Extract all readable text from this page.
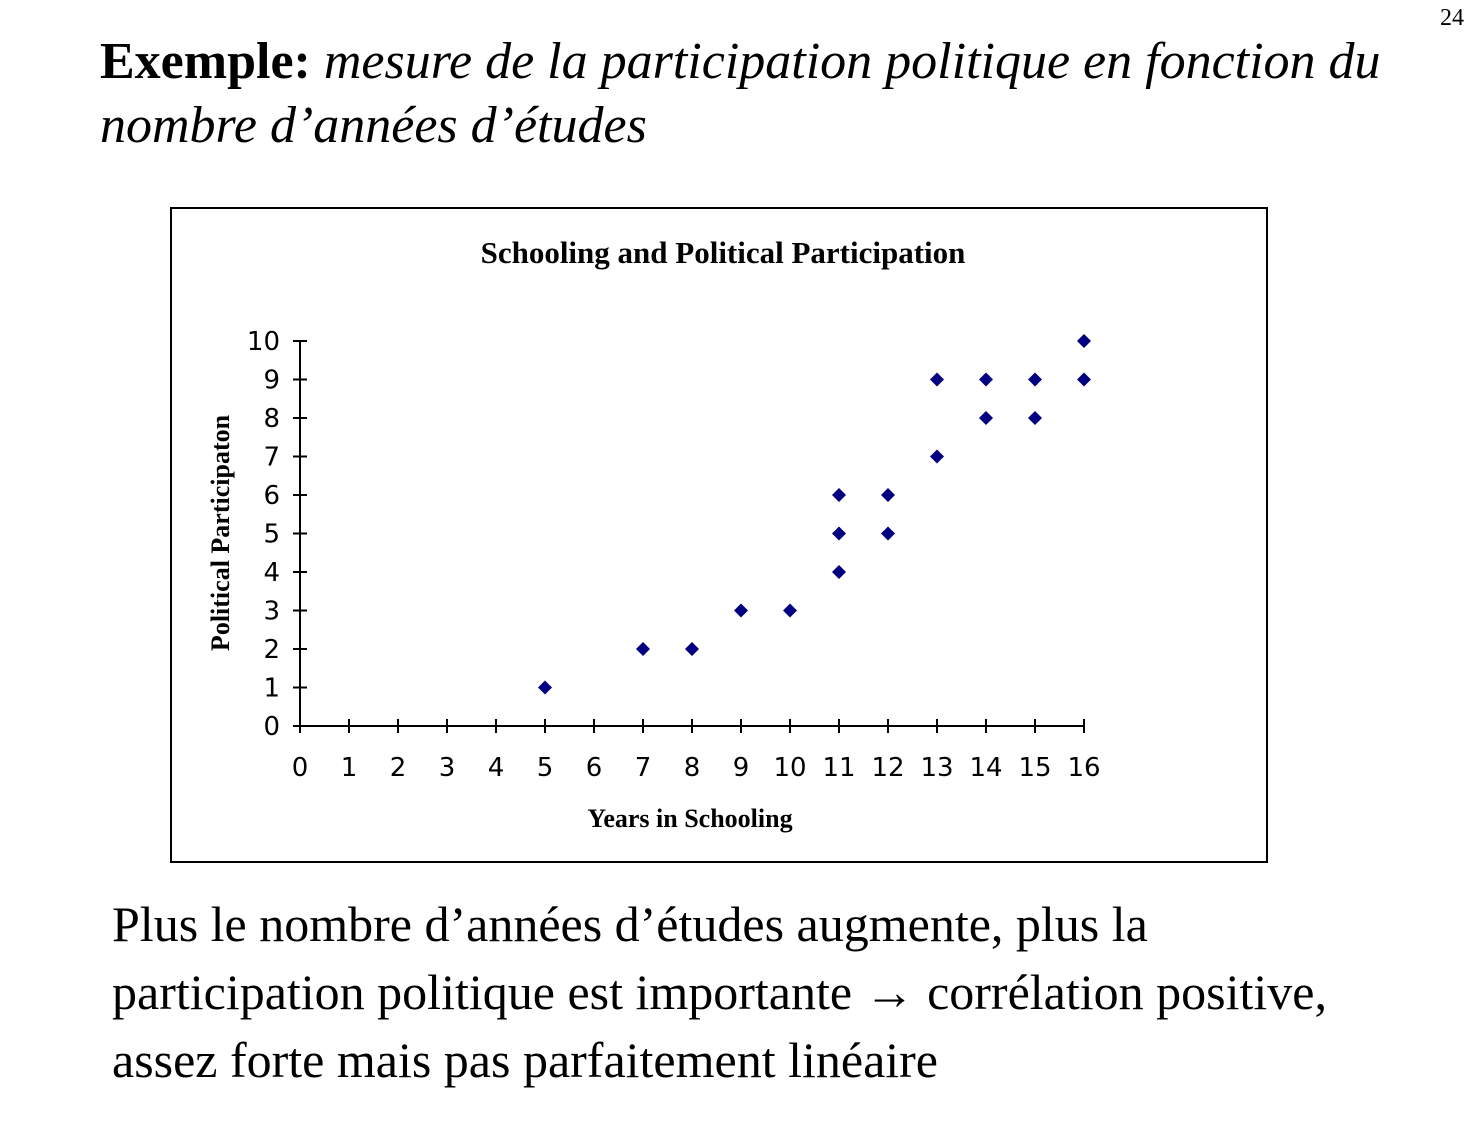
24
Exemple: mesure de la participation politique en fonction du nombre d’années d’études
Schooling and Political Participation
0
1
2
3
4
5
6
7
8
9
10
0 1 2 3 4 5 6 7 8 9 10 11 12 13 14 15 16
Political Participaton
Years in Schooling
Plus le nombre d’années d’études augmente, plus la participation politique est importante → corrélation positive, assez forte mais pas parfaitement linéaire
